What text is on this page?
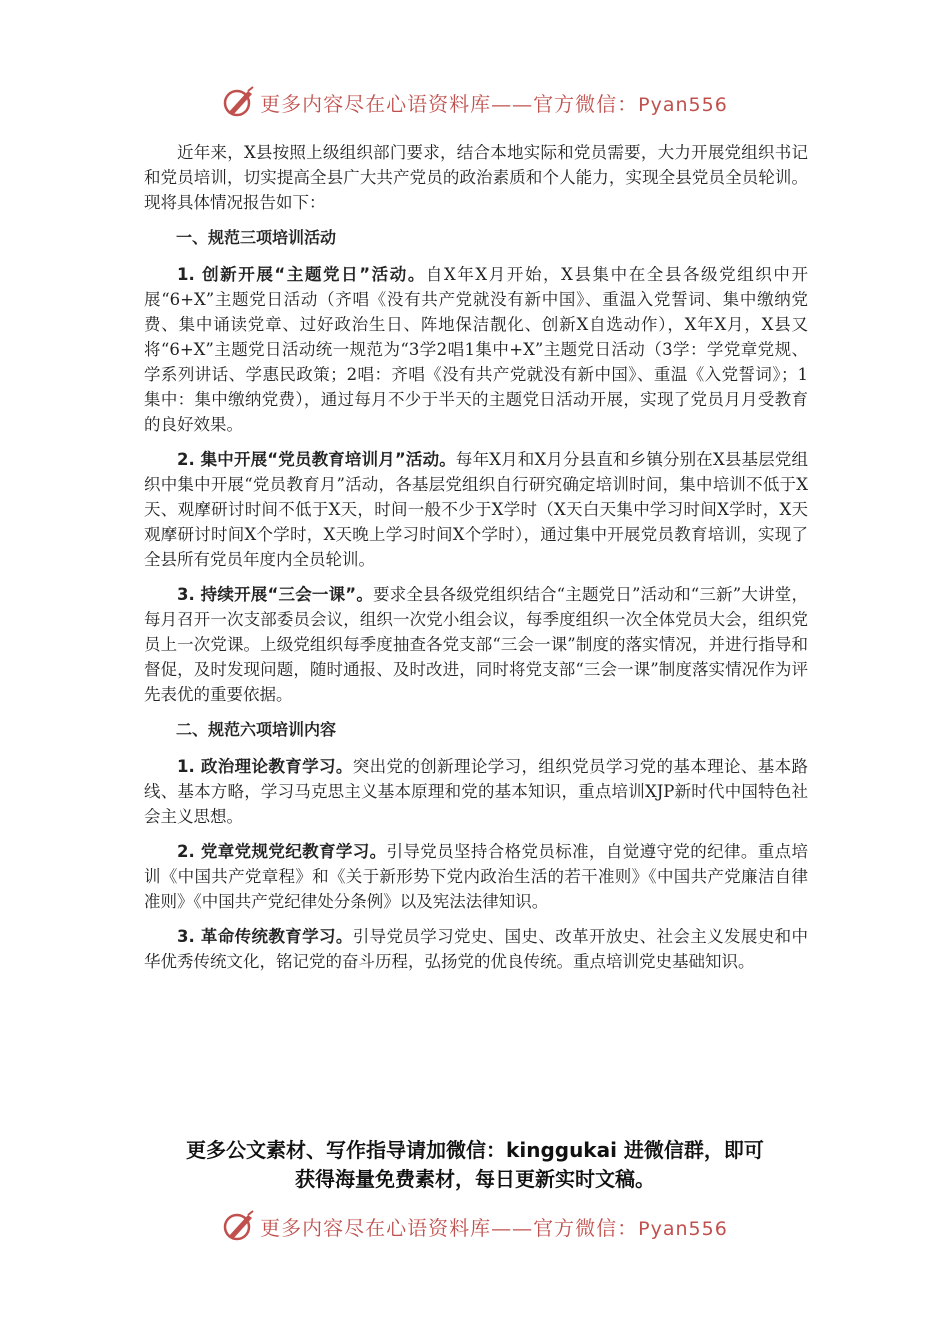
更多内容尽在心语资料库——官方微信：Pyan556

近年来，X县按照上级组织部门要求，结合本地实际和党员需要，大力开展党组织书记和党员培训，切实提高全县广大共产党员的政治素质和个人能力，实现全县党员全员轮训。现将具体情况报告如下：

一、规范三项培训活动

1. 创新开展“主题党日”活动。自X年X月开始，X县集中在全县各级党组织中开展“6+X”主题党日活动（齐唱《没有共产党就没有新中国》、重温入党誓词、集中缴纳党费、集中诵读党章、过好政治生日、阵地保洁靓化、创新X自选动作），X年X月，X县又将“6+X”主题党日活动统一规范为“3学2唱1集中+X”主题党日活动（3学：学党章党规、学系列讲话、学惠民政策；2唱：齐唱《没有共产党就没有新中国》、重温《入党誓词》；1集中：集中缴纳党费），通过每月不少于半天的主题党日活动开展，实现了党员月月受教育的良好效果。

2. 集中开展“党员教育培训月”活动。每年X月和X月分县直和乡镇分别在X县基层党组织中集中开展“党员教育月”活动，各基层党组织自行研究确定培训时间，集中培训不低于X天、观摩研讨时间不低于X天，时间一般不少于X学时（X天白天集中学习时间X学时，X天观摩研讨时间X个学时，X天晚上学习时间X个学时），通过集中开展党员教育培训，实现了全县所有党员年度内全员轮训。

3. 持续开展“三会一课”。要求全县各级党组织结合“主题党日”活动和“三新”大讲堂，每月召开一次支部委员会议，组织一次党小组会议，每季度组织一次全体党员大会，组织党员上一次党课。上级党组织每季度抽查各党支部“三会一课”制度的落实情况，并进行指导和督促，及时发现问题，随时通报、及时改进，同时将党支部“三会一课”制度落实情况作为评先表优的重要依据。

二、规范六项培训内容

1. 政治理论教育学习。突出党的创新理论学习，组织党员学习党的基本理论、基本路线、基本方略，学习马克思主义基本原理和党的基本知识，重点培训XJP新时代中国特色社会主义思想。

2. 党章党规党纪教育学习。引导党员坚持合格党员标准，自觉遵守党的纪律。重点培训《中国共产党章程》和《关于新形势下党内政治生活的若干准则》《中国共产党廉洁自律准则》《中国共产党纪律处分条例》以及宪法法律知识。

3. 革命传统教育学习。引导党员学习党史、国史、改革开放史、社会主义发展史和中华优秀传统文化，铭记党的奋斗历程，弘扬党的优良传统。重点培训党史基础知识。

更多公文素材、写作指导请加微信：kinggukai 进微信群，即可
获得海量免费素材，每日更新实时文稿。
更多内容尽在心语资料库——官方微信：Pyan556
